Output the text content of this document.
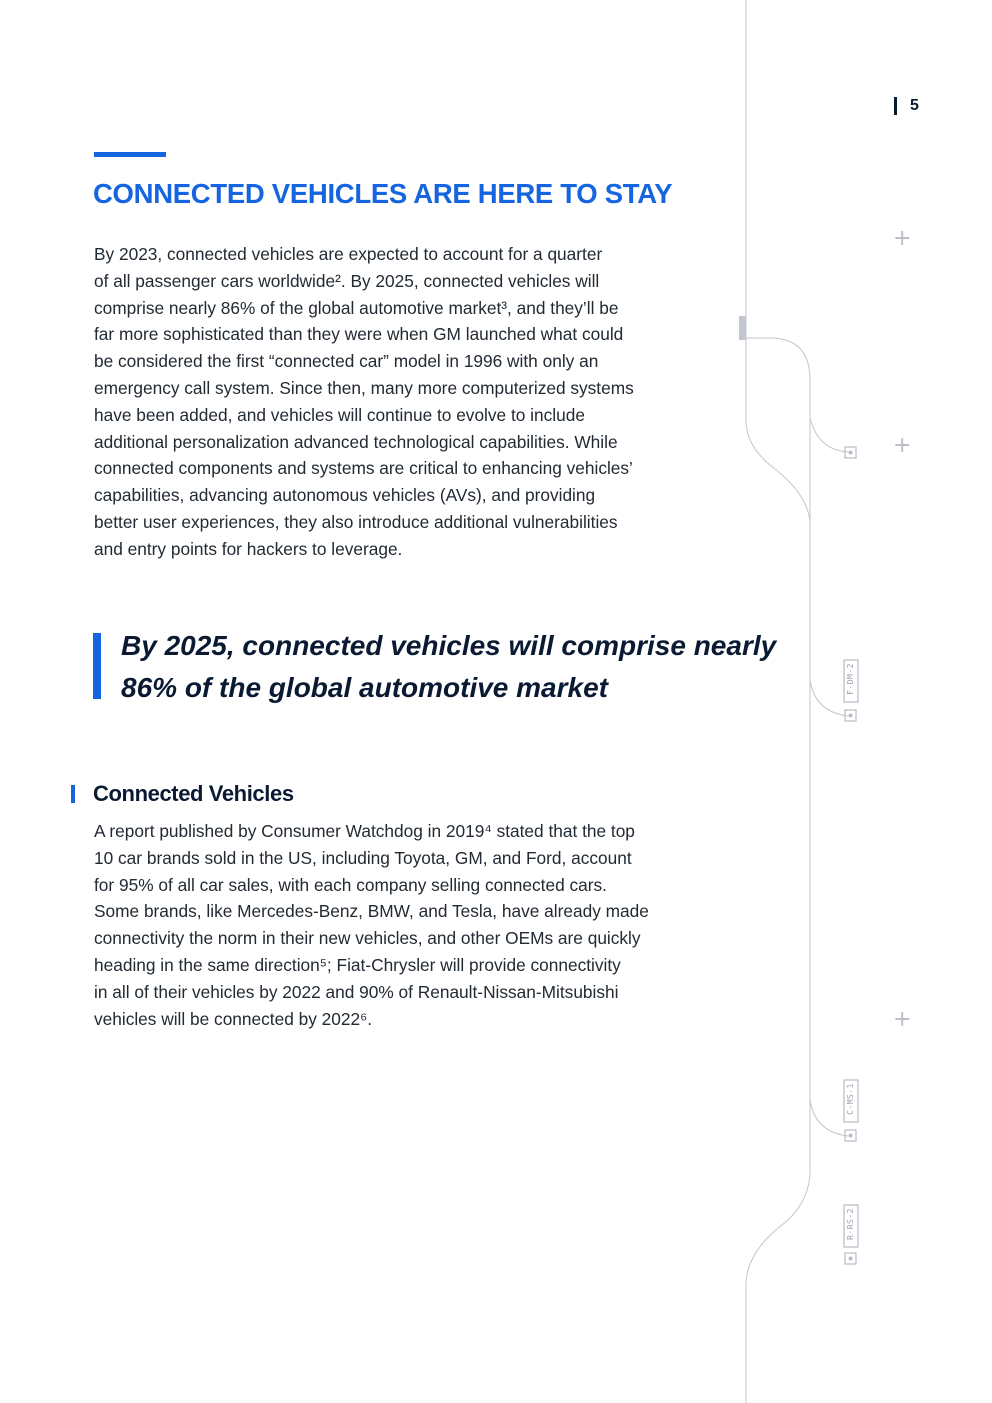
5
+
+
+
F-DM-2
C-MS-1
R-RS-2
CONNECTED VEHICLES ARE HERE TO STAY

By 2023, connected vehicles are expected to account for a quarter
of all passenger cars worldwide². By 2025, connected vehicles will
comprise nearly 86% of the global automotive market³, and they’ll be
far more sophisticated than they were when GM launched what could
be considered the first “connected car” model in 1996 with only an
emergency call system. Since then, many more computerized systems
have been added, and vehicles will continue to evolve to include
additional personalization advanced technological capabilities. While
connected components and systems are critical to enhancing vehicles’
capabilities, advancing autonomous vehicles (AVs), and providing
better user experiences, they also introduce additional vulnerabilities
and entry points for hackers to leverage.

By 2025, connected vehicles will comprise nearly
86% of the global automotive market

Connected Vehicles

A report published by Consumer Watchdog in 2019⁴ stated that the top
10 car brands sold in the US, including Toyota, GM, and Ford, account
for 95% of all car sales, with each company selling connected cars.
Some brands, like Mercedes-Benz, BMW, and Tesla, have already made
connectivity the norm in their new vehicles, and other OEMs are quickly
heading in the same direction⁵; Fiat-Chrysler will provide connectivity
in all of their vehicles by 2022 and 90% of Renault-Nissan-Mitsubishi
vehicles will be connected by 2022⁶.
